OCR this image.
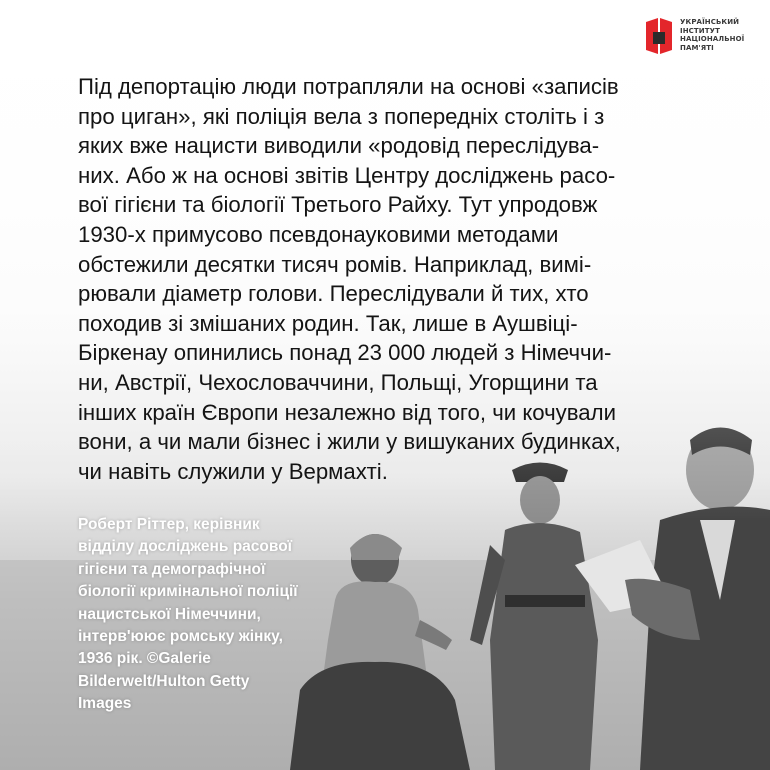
УКРАЇНСЬКИЙ
ІНСТИТУТ
НАЦІОНАЛЬНОЇ
ПАМ'ЯТІ
Під депортацію люди потрапляли на основі «записів
про циган», які поліція вела з попередніх століть і з
яких вже нацисти виводили «родовід переслідува-
них. Або ж на основі звітів Центру досліджень расо-
вої гігієни та біології Третього Райху. Тут упродовж
1930-х примусово псевдонауковими методами
обстежили десятки тисяч ромів. Наприклад, вимі-
рювали діаметр голови. Переслідували й тих, хто
походив зі змішаних родин. Так, лише в Аушвіці-
Біркенау опинились понад 23 000 людей з Німеччи-
ни, Австрії, Чехословаччини, Польщі, Угорщини та
інших країн Європи незалежно від того, чи кочували
вони, а чи мали бізнес і жили у вишуканих будинках,
чи навіть служили у Вермахті.
Роберт Ріттер, керівник
відділу досліджень расової
гігієни та демографічної
біології кримінальної поліції
нацистської Німеччини,
інтерв'юює ромську жінку,
1936 рік. ©Galerie
Bilderwelt/Hulton Getty
Images
